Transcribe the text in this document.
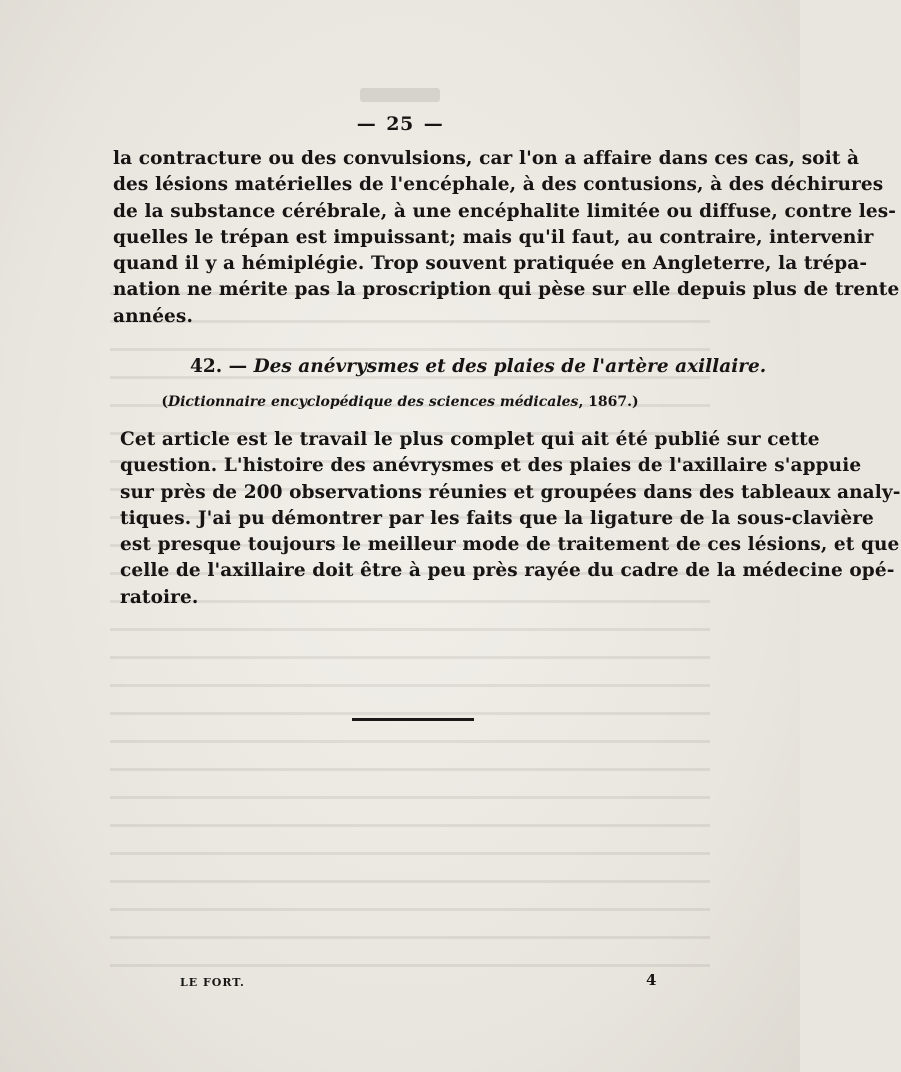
— 25 —
la contracture ou des convulsions, car l'on a affaire dans ces cas, soit à
des lésions matérielles de l'encéphale, à des contusions, à des déchirures
de la substance cérébrale, à une encéphalite limitée ou diffuse, contre les-
quelles le trépan est impuissant; mais qu'il faut, au contraire, intervenir
quand il y a hémiplégie. Trop souvent pratiquée en Angleterre, la trépa-
nation ne mérite pas la proscription qui pèse sur elle depuis plus de trente
années.
42. — Des anévrysmes et des plaies de l'artère axillaire.
(Dictionnaire encyclopédique des sciences médicales, 1867.)
Cet article est le travail le plus complet qui ait été publié sur cette
question. L'histoire des anévrysmes et des plaies de l'axillaire s'appuie
sur près de 200 observations réunies et groupées dans des tableaux analy-
tiques. J'ai pu démontrer par les faits que la ligature de la sous-clavière
est presque toujours le meilleur mode de traitement de ces lésions, et que
celle de l'axillaire doit être à peu près rayée du cadre de la médecine opé-
ratoire.
LE FORT.	4
